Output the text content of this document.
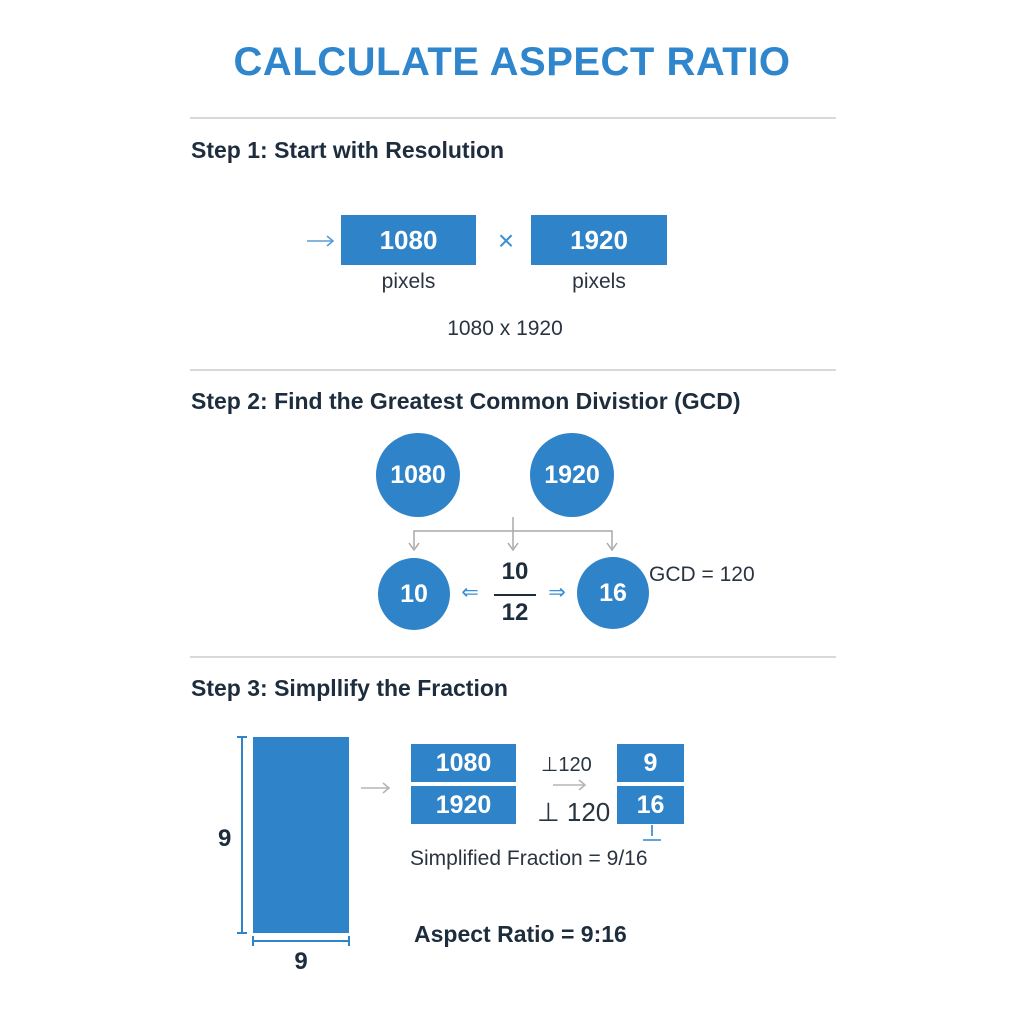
CALCULATE ASPECT RATIO
Step 1: Start with Resolution
1080	×	1920
pixels	pixels
1080 x 1920
Step 2: Find the Greatest Common Divistior (GCD)
1080	1920
10	⇐
10
12
⇒	16
GCD = 120
Step 3: Simpllify the Fraction
9
9
1080
1920
⊥120
⊥ 120
9
16
Simplified Fraction = 9/16
Aspect Ratio = 9:16
